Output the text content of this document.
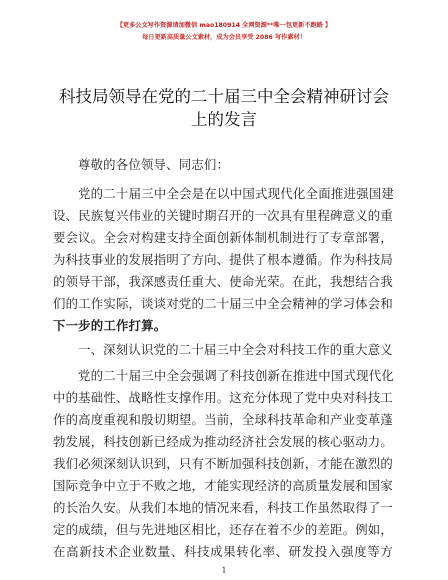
【更多公文写作资源请加微信 mao180914 全网资源**唯一包更新不跑路 】
每日更新高质量公文素材，成为会员享受 2086 写作素材！
科技局领导在党的二十届三中全会精神研讨会
上的发言
尊敬的各位领导、同志们：
党的二十届三中全会是在以中国式现代化全面推进强国建
设、民族复兴伟业的关键时期召开的一次具有里程碑意义的重
要会议。全会对构建支持全面创新体制机制进行了专章部署，
为科技事业的发展指明了方向、提供了根本遵循。作为科技局
的领导干部，我深感责任重大、使命光荣。在此，我想结合我
们的工作实际，谈谈对党的二十届三中全会精神的学习体会和
下一步的工作打算。
一、深刻认识党的二十届三中全会对科技工作的重大意义
党的二十届三中全会强调了科技创新在推进中国式现代化
中的基础性、战略性支撑作用。这充分体现了党中央对科技工
作的高度重视和殷切期望。当前，全球科技革命和产业变革蓬
勃发展，科技创新已经成为推动经济社会发展的核心驱动力。
我们必须深刻认识到，只有不断加强科技创新，才能在激烈的
国际竞争中立于不败之地，才能实现经济的高质量发展和国家
的长治久安。从我们本地的情况来看，科技工作虽然取得了一
定的成绩，但与先进地区相比，还存在着不少的差距。例如，
在高新技术企业数量、科技成果转化率、研发投入强度等方
1
